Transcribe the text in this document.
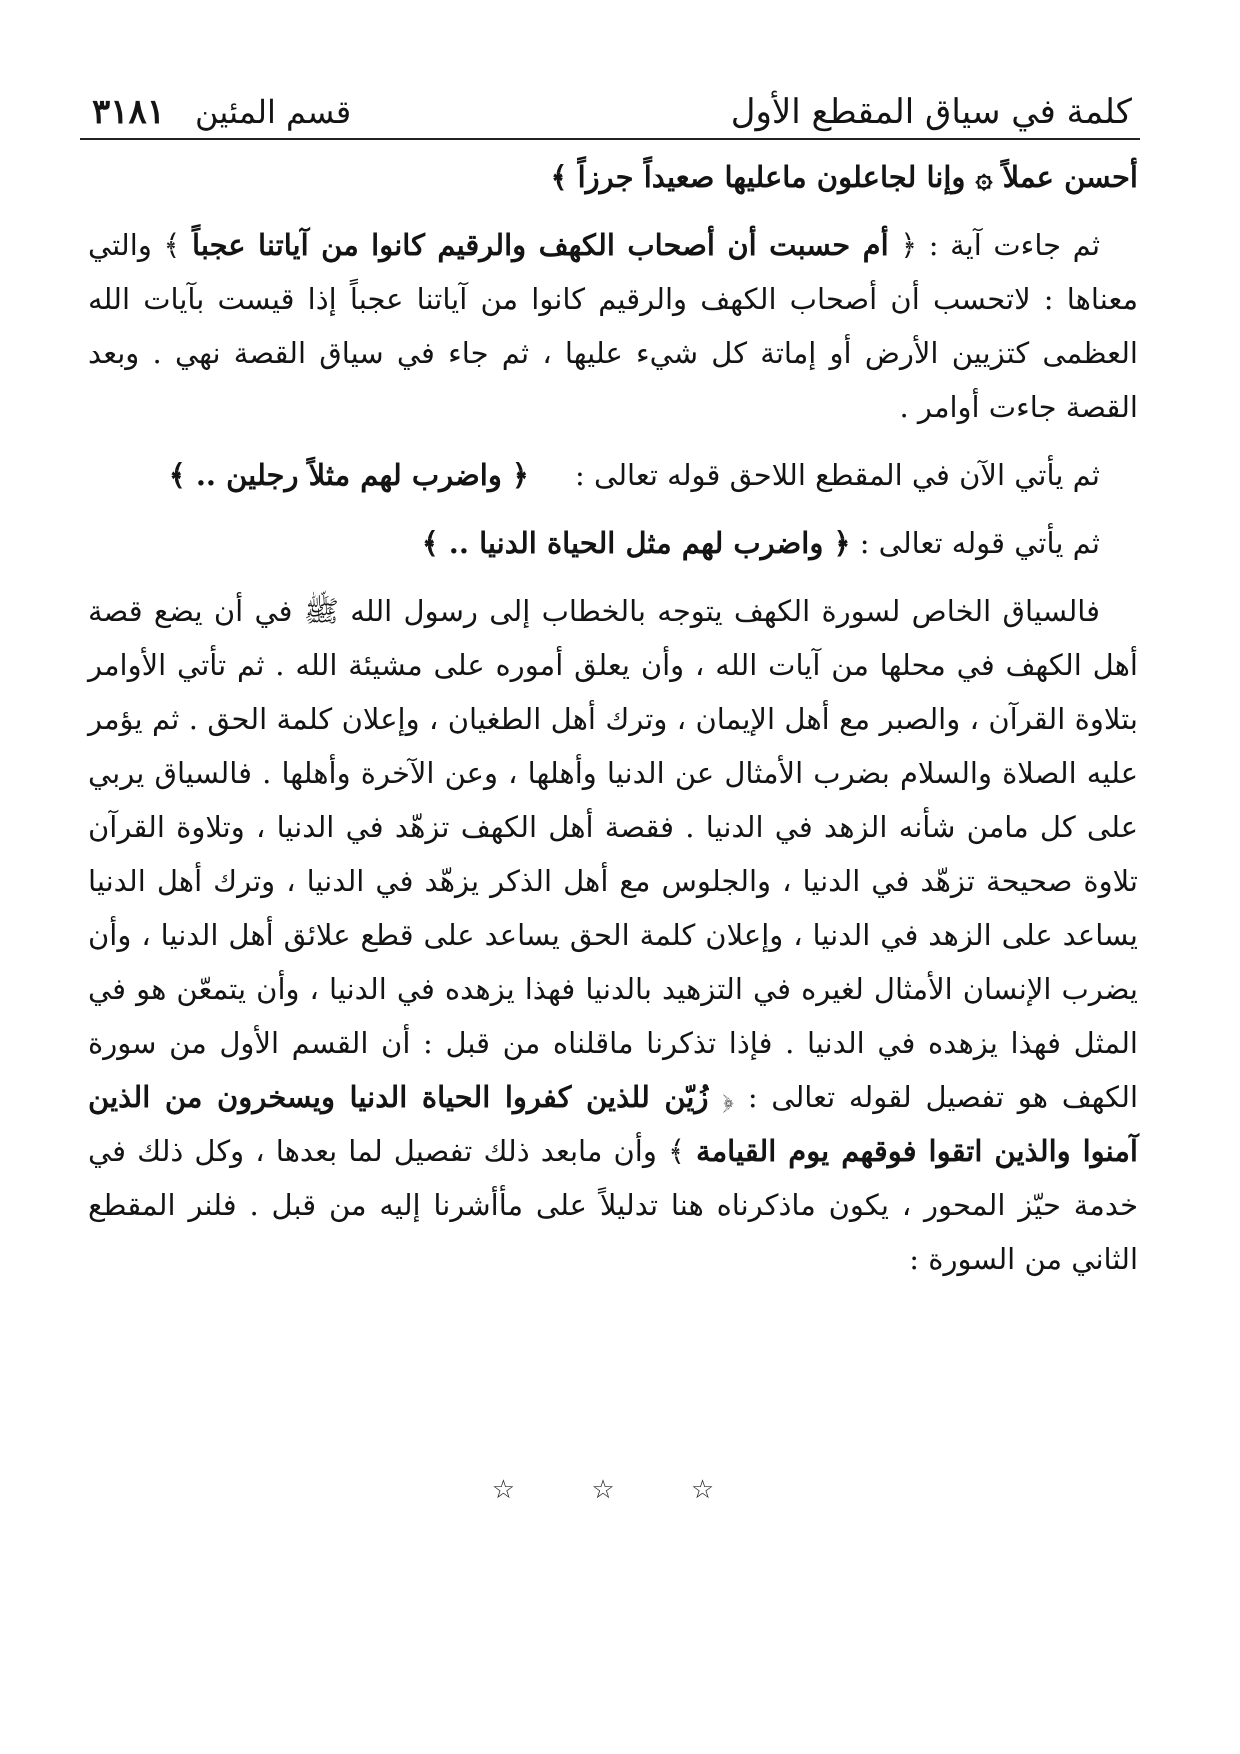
كلمة في سياق المقطع الأول
٣١٨١ قسم المئين

أحسن عملاً ۞ وإنا لجاعلون ماعليها صعيداً جرزاً ﴾

ثم جاءت آية : ﴿ أم حسبت أن أصحاب الكهف والرقيم كانوا من آياتنا عجباً ﴾ والتي معناها : لاتحسب أن أصحاب الكهف والرقيم كانوا من آياتنا عجباً إذا قيست بآيات الله العظمى كتزيين الأرض أو إماتة كل شيء عليها ، ثم جاء في سياق القصة نهي . وبعد القصة جاءت أوامر .

ثم يأتي الآن في المقطع اللاحق قوله تعالى :     ﴿ واضرب لهم مثلاً رجلين .. ﴾

ثم يأتي قوله تعالى : ﴿ واضرب لهم مثل الحياة الدنيا .. ﴾

فالسياق الخاص لسورة الكهف يتوجه بالخطاب إلى رسول الله ﷺ في أن يضع قصة أهل الكهف في محلها من آيات الله ، وأن يعلق أموره على مشيئة الله . ثم تأتي الأوامر بتلاوة القرآن ، والصبر مع أهل الإيمان ، وترك أهل الطغيان ، وإعلان كلمة الحق . ثم يؤمر عليه الصلاة والسلام بضرب الأمثال عن الدنيا وأهلها ، وعن الآخرة وأهلها . فالسياق يربي على كل مامن شأنه الزهد في الدنيا . فقصة أهل الكهف تزهّد في الدنيا ، وتلاوة القرآن تلاوة صحيحة تزهّد في الدنيا ، والجلوس مع أهل الذكر يزهّد في الدنيا ، وترك أهل الدنيا يساعد على الزهد في الدنيا ، وإعلان كلمة الحق يساعد على قطع علائق أهل الدنيا ، وأن يضرب الإنسان الأمثال لغيره في التزهيد بالدنيا فهذا يزهده في الدنيا ، وأن يتمعّن هو في المثل فهذا يزهده في الدنيا . فإذا تذكرنا ماقلناه من قبل : أن القسم الأول من سورة الكهف هو تفصيل لقوله تعالى : ﴿ زُيّن للذين كفروا الحياة الدنيا ويسخرون من الذين آمنوا والذين اتقوا فوقهم يوم القيامة ﴾ وأن مابعد ذلك تفصيل لما بعدها ، وكل ذلك في خدمة حيّز المحور ، يكون ماذكرناه هنا تدليلاً على مأأشرنا إليه من قبل . فلنر المقطع الثاني من السورة :

☆ ☆ ☆
